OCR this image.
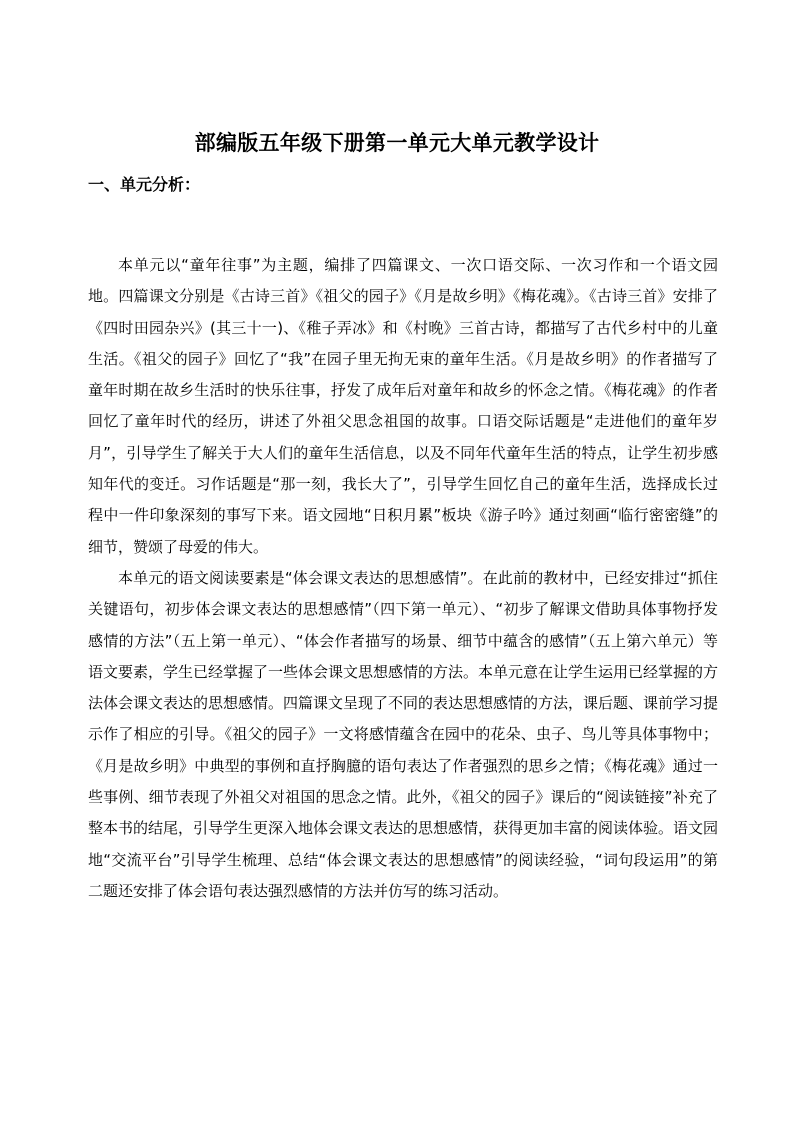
部编版五年级下册第一单元大单元教学设计
一、单元分析：

本单元以“童年往事”为主题，编排了四篇课文、一次口语交际、一次习作和一个语文园地。四篇课文分别是《古诗三首》《祖父的园子》《月是故乡明》《梅花魂》。《古诗三首》安排了《四时田园杂兴》(其三十一)、《稚子弄冰》和《村晚》三首古诗，都描写了古代乡村中的儿童生活。《祖父的园子》回忆了“我”在园子里无拘无束的童年生活。《月是故乡明》的作者描写了童年时期在故乡生活时的快乐往事，抒发了成年后对童年和故乡的怀念之情。《梅花魂》的作者回忆了童年时代的经历，讲述了外祖父思念祖国的故事。口语交际话题是“走进他们的童年岁月”，引导学生了解关于大人们的童年生活信息，以及不同年代童年生活的特点，让学生初步感知年代的变迁。习作话题是“那一刻，我长大了”，引导学生回忆自己的童年生活，选择成长过程中一件印象深刻的事写下来。语文园地“日积月累”板块《游子吟》通过刻画“临行密密缝”的细节，赞颂了母爱的伟大。

本单元的语文阅读要素是“体会课文表达的思想感情”。在此前的教材中，已经安排过“抓住关键语句，初步体会课文表达的思想感情”（四下第一单元）、“初步了解课文借助具体事物抒发感情的方法”（五上第一单元）、“体会作者描写的场景、细节中蕴含的感情”（五上第六单元）等语文要素，学生已经掌握了一些体会课文思想感情的方法。本单元意在让学生运用已经掌握的方法体会课文表达的思想感情。四篇课文呈现了不同的表达思想感情的方法，课后题、课前学习提示作了相应的引导。《祖父的园子》一文将感情蕴含在园中的花朵、虫子、鸟儿等具体事物中；《月是故乡明》中典型的事例和直抒胸臆的语句表达了作者强烈的思乡之情；《梅花魂》通过一些事例、细节表现了外祖父对祖国的思念之情。此外，《祖父的园子》课后的“阅读链接”补充了整本书的结尾，引导学生更深入地体会课文表达的思想感情，获得更加丰富的阅读体验。语文园地“交流平台”引导学生梳理、总结“体会课文表达的思想感情”的阅读经验，“词句段运用”的第二题还安排了体会语句表达强烈感情的方法并仿写的练习活动。
